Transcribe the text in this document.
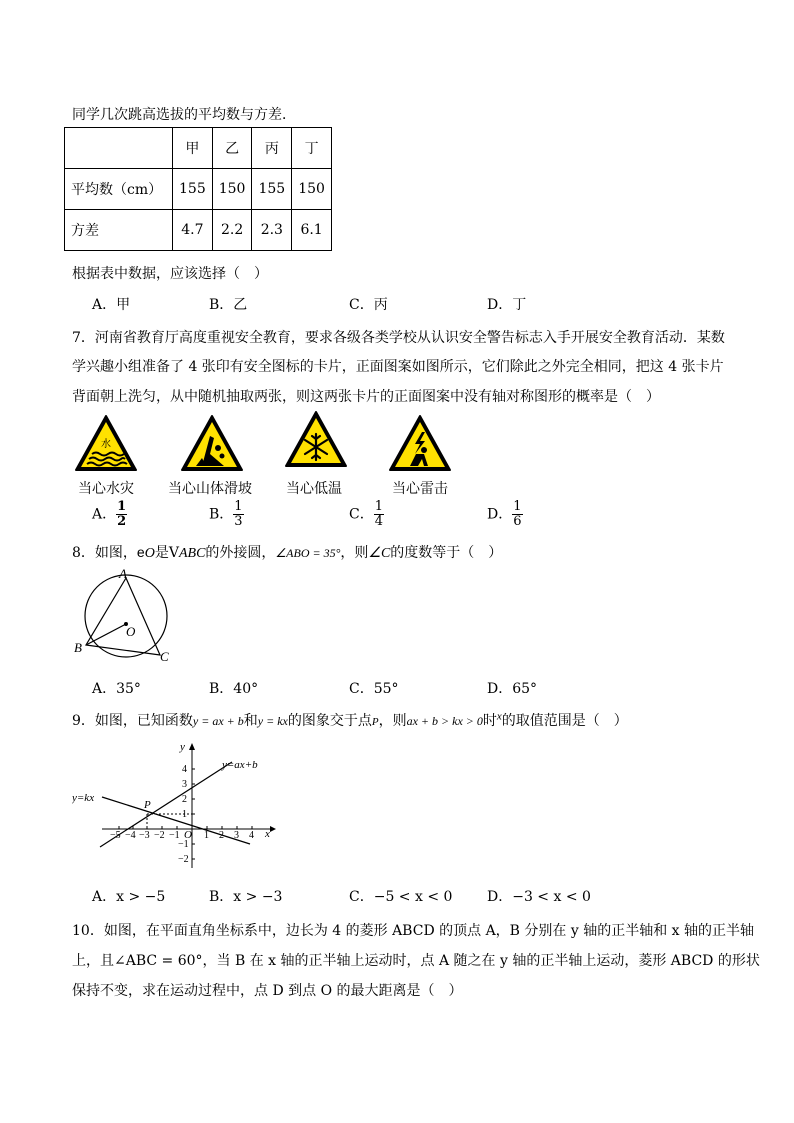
同学几次跳高选拔的平均数与方差．
	甲	乙	丙	丁
平均数（cm）	155	150	155	150
方差	4.7	2.2	2.3	6.1
根据表中数据，应该选择（　）
A．甲	B．乙	C．丙	D．丁
7．河南省教育厅高度重视安全教育，要求各级各类学校从认识安全警告标志入手开展安全教育活动．某数
学兴趣小组准备了 4 张印有安全图标的卡片，正面图案如图所示，它们除此之外完全相同，把这 4 张卡片
背面朝上洗匀，从中随机抽取两张，则这两张卡片的正面图案中没有轴对称图形的概率是（　）
水
当心水灾 当心山体滑坡 当心低温	当心雷击
A． $\frac{1}{2}$	B． $\frac{1}{3}$	C． $\frac{1}{4}$	D． $\frac{1}{6}$
8．如图，eO是VABC的外接圆，∠ABO = 35°，则∠C的度数等于（　）
A
B
C
O
A．35°	B．40°	C．55°	D．65°
9．如图，已知函数y = ax + b和y = kx的图象交于点P，则ax + b > kx > 0时$^x$的取值范围是（　）
y=ax+b
y=kx
y
x
P
O
−5 −4 −3 −2 −1 1 2 3 4
4
3
2
1
−1
−2
A．x > −5	B．x > −3	C．−5 < x < 0 D．−3 < x < 0
10．如图，在平面直角坐标系中，边长为 4 的菱形 ABCD 的顶点 A，B 分别在 y 轴的正半轴和 x 轴的正半轴
上，且∠ABC = 60°，当 B 在 x 轴的正半轴上运动时，点 A 随之在 y 轴的正半轴上运动，菱形 ABCD 的形状
保持不变，求在运动过程中，点 D 到点 O 的最大距离是（　）
